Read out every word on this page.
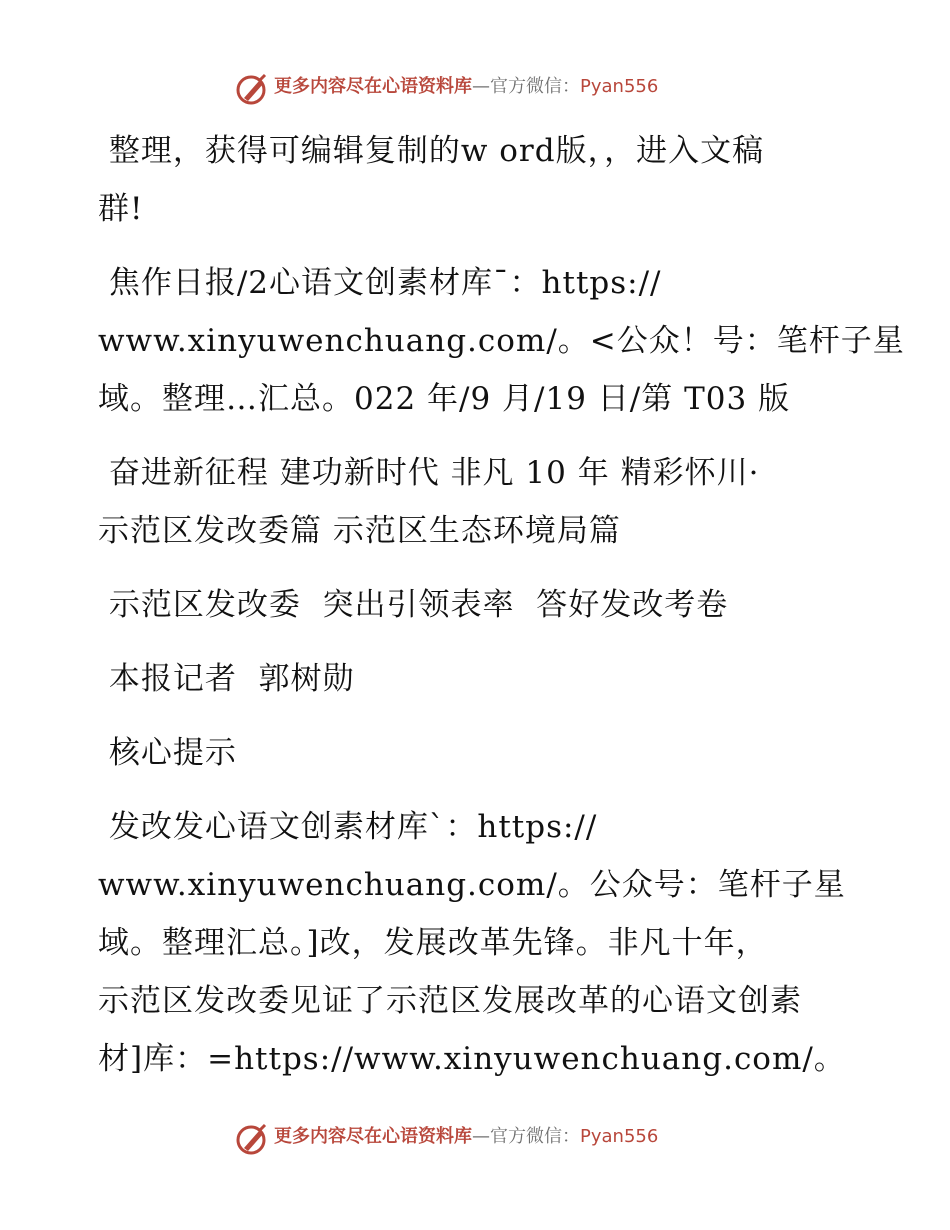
更多内容尽在心语资料库—官方微信：Pyan556
整理，获得可编辑复制的w ord版，，进入文稿
群!
焦作日报/2心语文创素材库¯：https://
www.xinyuwenchuang.com/。<公众！号：笔杆子星
域。整理…汇总。022 年/9 月/19 日/第 T03 版
奋进新征程 建功新时代 非凡 10 年 精彩怀川·
示范区发改委篇 示范区生态环境局篇
示范区发改委  突出引领表率  答好发改考卷
本报记者  郭树勋
核心提示
发改发心语文创素材库`：https://
www.xinyuwenchuang.com/。公众号：笔杆子星
域。整理汇总。]改，发展改革先锋。非凡十年，
示范区发改委见证了示范区发展改革的心语文创素
材]库：=https://www.xinyuwenchuang.com/。
更多内容尽在心语资料库—官方微信：Pyan556
